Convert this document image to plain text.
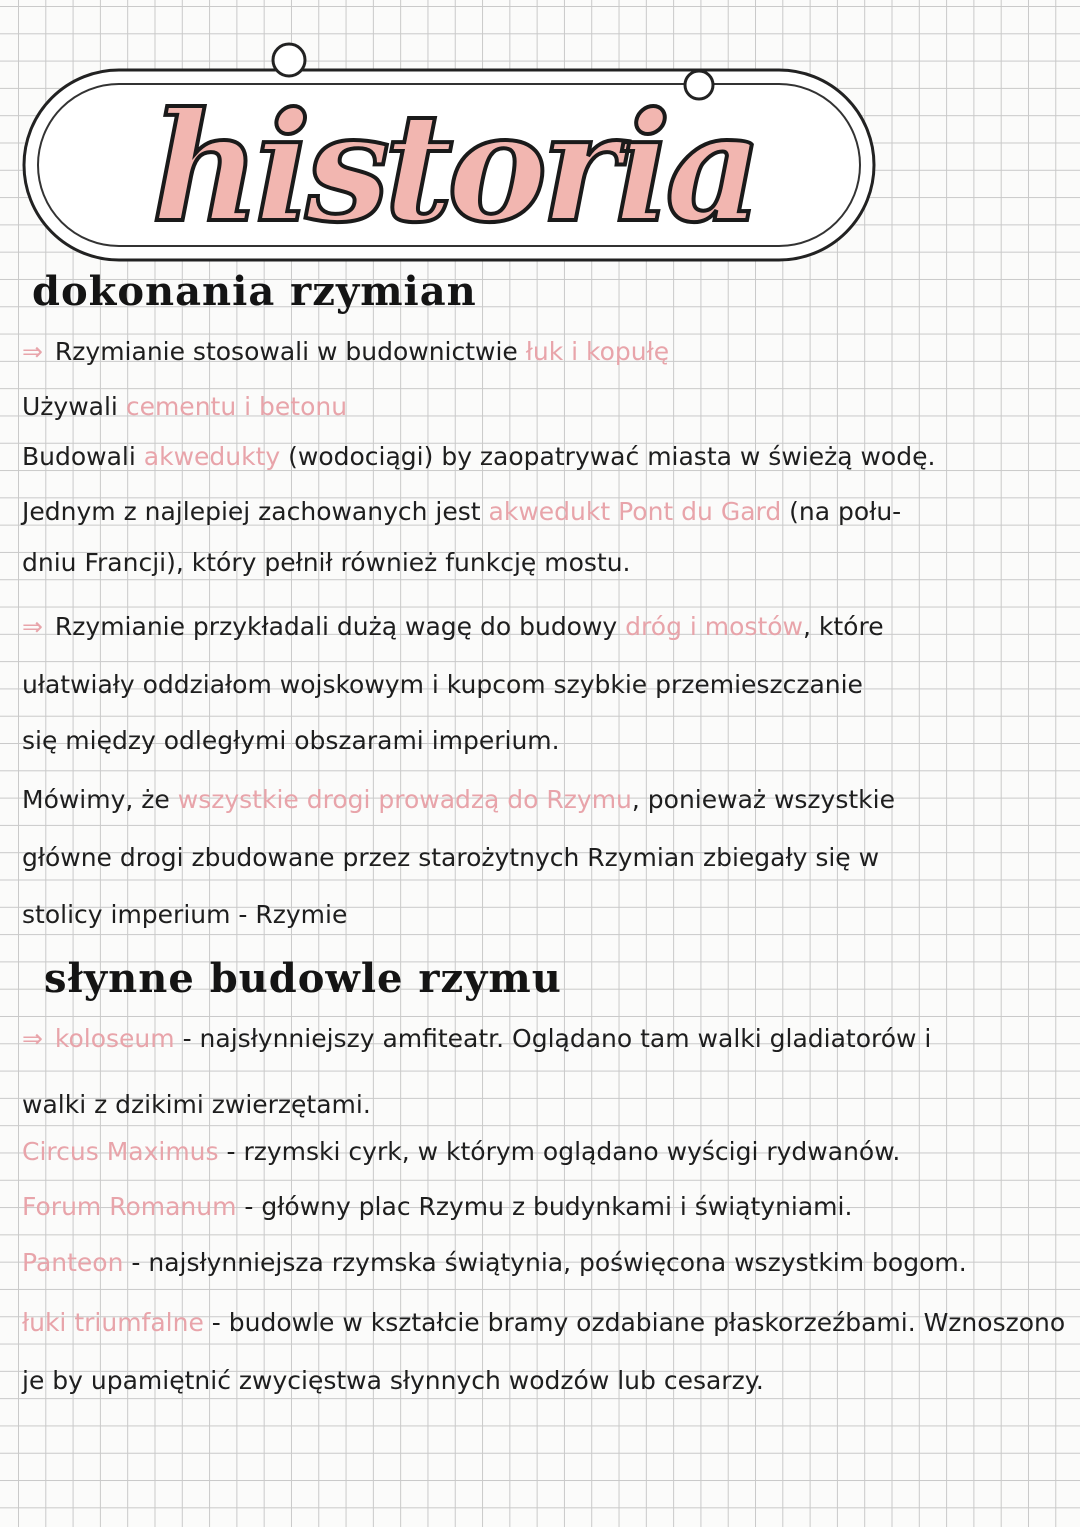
historia
dokonania rzymian
⇒ Rzymianie stosowali w budownictwie łuk i kopułę
Używali cementu i betonu
Budowali akwedukty (wodociągi) by zaopatrywać miasta w świeżą wodę.
Jednym z najlepiej zachowanych jest akwedukt Pont du Gard (na połu-
dniu Francji), który pełnił również funkcję mostu.
⇒ Rzymianie przykładali dużą wagę do budowy dróg i mostów, które
ułatwiały oddziałom wojskowym i kupcom szybkie przemieszczanie
się między odległymi obszarami imperium.
Mówimy, że wszystkie drogi prowadzą do Rzymu, ponieważ wszystkie
główne drogi zbudowane przez starożytnych Rzymian zbiegały się w
stolicy imperium - Rzymie
słynne budowle rzymu
⇒ koloseum - najsłynniejszy amfiteatr. Oglądano tam walki gladiatorów i
walki z dzikimi zwierzętami.
Circus Maximus - rzymski cyrk, w którym oglądano wyścigi rydwanów.
Forum Romanum - główny plac Rzymu z budynkami i świątyniami.
Panteon - najsłynniejsza rzymska świątynia, poświęcona wszystkim bogom.
łuki triumfalne - budowle w kształcie bramy ozdabiane płaskorzeźbami. Wznoszono
je by upamiętnić zwycięstwa słynnych wodzów lub cesarzy.
